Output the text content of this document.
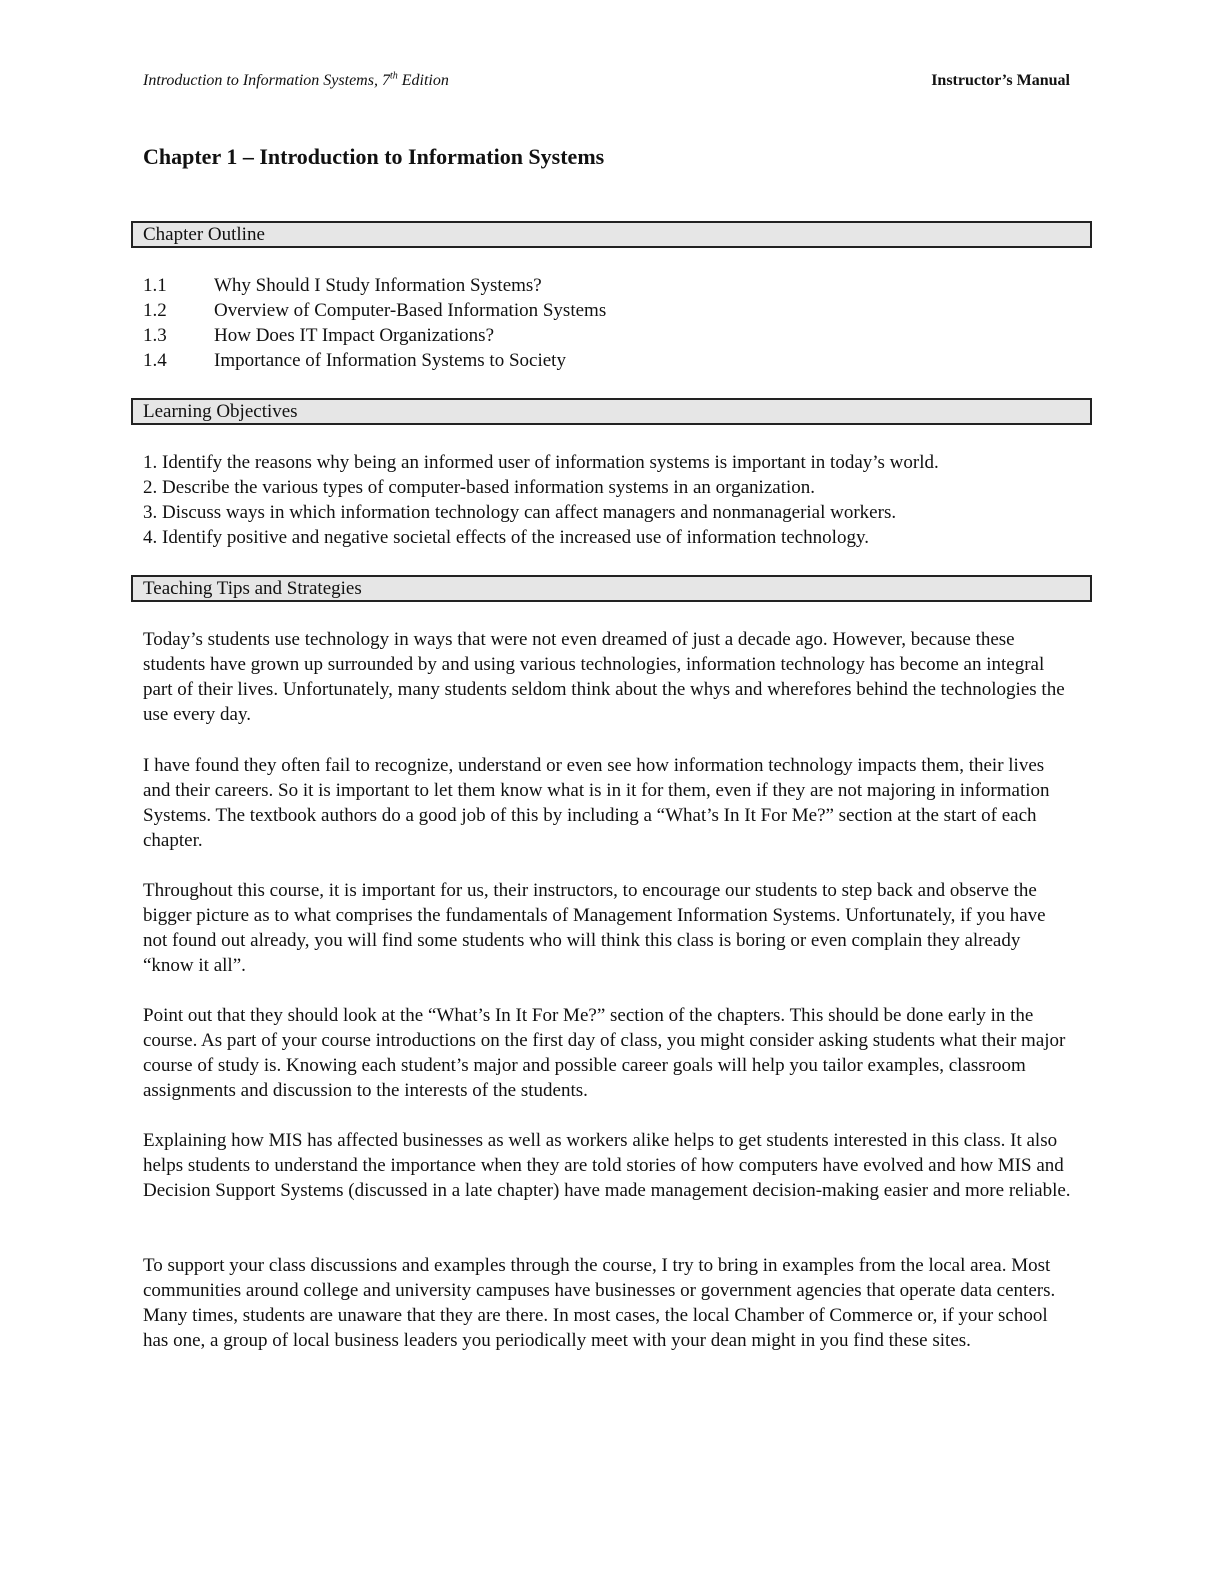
Introduction to Information Systems, 7th Edition	Instructor’s Manual
Chapter 1 – Introduction to Information Systems
Chapter Outline
1.1	Why Should I Study Information Systems?
1.2	Overview of Computer-Based Information Systems
1.3	How Does IT Impact Organizations?
1.4	Importance of Information Systems to Society
Learning Objectives
1. Identify the reasons why being an informed user of information systems is important in today’s world.
2. Describe the various types of computer-based information systems in an organization.
3. Discuss ways in which information technology can affect managers and nonmanagerial workers.
4. Identify positive and negative societal effects of the increased use of information technology.
Teaching Tips and Strategies

Today’s students use technology in ways that were not even dreamed of just a decade ago. However, because these students have grown up surrounded by and using various technologies, information technology has become an integral part of their lives. Unfortunately, many students seldom think about the whys and wherefores behind the technologies the use every day.

I have found they often fail to recognize, understand or even see how information technology impacts them, their lives and their careers. So it is important to let them know what is in it for them, even if they are not majoring in information Systems. The textbook authors do a good job of this by including a “What’s In It For Me?” section at the start of each chapter.

Throughout this course, it is important for us, their instructors, to encourage our students to step back and observe the bigger picture as to what comprises the fundamentals of Management Information Systems. Unfortunately, if you have not found out already, you will find some students who will think this class is boring or even complain they already “know it all”.

Point out that they should look at the “What’s In It For Me?” section of the chapters. This should be done early in the course. As part of your course introductions on the first day of class, you might consider asking students what their major course of study is. Knowing each student’s major and possible career goals will help you tailor examples, classroom assignments and discussion to the interests of the students.

Explaining how MIS has affected businesses as well as workers alike helps to get students interested in this class. It also helps students to understand the importance when they are told stories of how computers have evolved and how MIS and Decision Support Systems (discussed in a late chapter) have made management decision-making easier and more reliable.

To support your class discussions and examples through the course, I try to bring in examples from the local area. Most communities around college and university campuses have businesses or government agencies that operate data centers. Many times, students are unaware that they are there. In most cases, the local Chamber of Commerce or, if your school has one, a group of local business leaders you periodically meet with your dean might in you find these sites.
